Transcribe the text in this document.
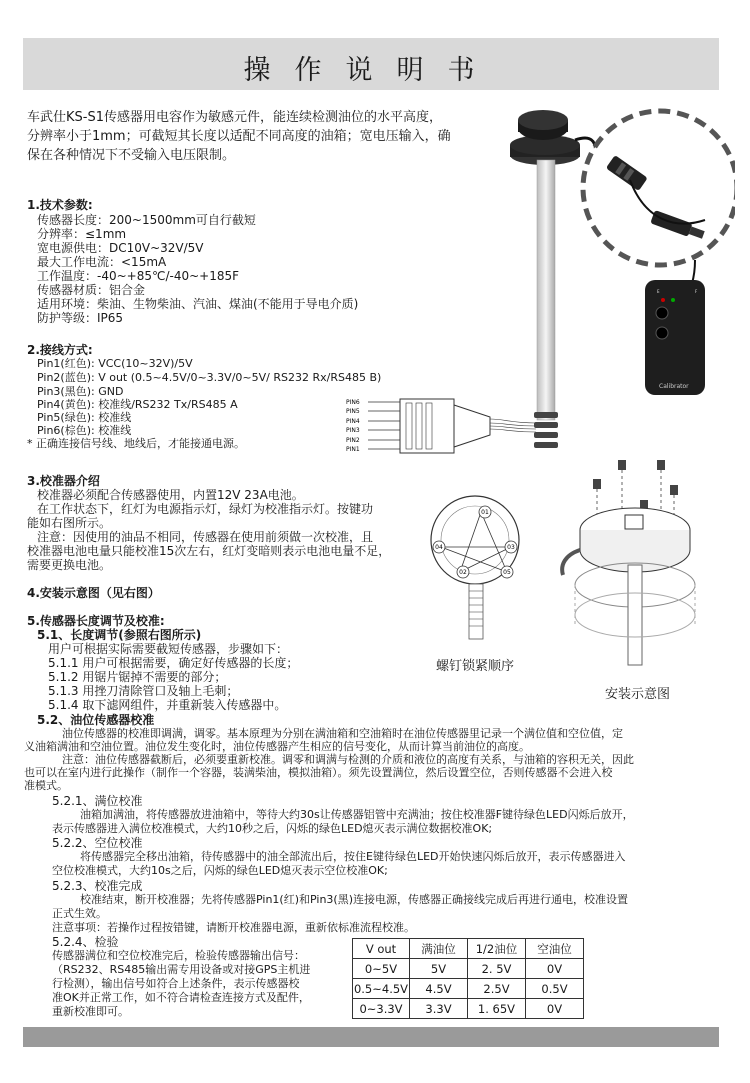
操作说明书
车武仕KS-S1传感器用电容作为敏感元件，能连续检测油位的水平高度，
分辨率小于1mm；可截短其长度以适配不同高度的油箱；宽电压输入，确
保在各种情况下不受输入电压限制。
1.技术参数:
传感器长度：200~1500mm可自行截短
分辨率：≤1mm
宽电源供电：DC10V~32V/5V
最大工作电流：<15mA
工作温度：-40~+85℃/-40~+185F
传感器材质：铝合金
适用环境：柴油、生物柴油、汽油、煤油(不能用于导电介质)
防护等级：IP65
2.接线方式:
Pin1(红色): VCC(10~32V)/5V
Pin2(蓝色): V out (0.5~4.5V/0~3.3V/0~5V/ RS232 Rx/RS485 B)
Pin3(黑色): GND
Pin4(黄色): 校准线/RS232 Tx/RS485 A
Pin5(绿色): 校准线
Pin6(棕色): 校准线
* 正确连接信号线、地线后，才能接通电源。
PIN6
PIN5
PIN4
PIN3
PIN2
PIN1
3.校准器介绍
校准器必须配合传感器使用，内置12V 23A电池。
在工作状态下，红灯为电源指示灯，绿灯为校准指示灯。按键功
能如右图所示。
注意：因使用的油品不相同，传感器在使用前须做一次校准，且
校准器电池电量只能校准15次左右，红灯变暗则表示电池电量不足，
需要更换电池。
4.安装示意图（见右图）
5.传感器长度调节及校准:
5.1、长度调节(参照右图所示)
用户可根据实际需要截短传感器，步骤如下：
5.1.1 用户可根据需要，确定好传感器的长度；
5.1.2 用锯片锯掉不需要的部分；
5.1.3 用挫刀清除管口及轴上毛刺；
5.1.4 取下滤网组件，并重新装入传感器中。
5.2、油位传感器校准
油位传感器的校准即调满，调零。基本原理为分别在满油箱和空油箱时在油位传感器里记录一个满位值和空位值，定
义油箱满油和空油位置。油位发生变化时，油位传感器产生相应的信号变化，从而计算当前油位的高度。
注意：油位传感器截断后，必须要重新校准。调零和调满与检测的介质和液位的高度有关系，与油箱的容积无关，因此
也可以在室内进行此操作（制作一个容器，装满柴油，模拟油箱）。须先设置满位，然后设置空位，否则传感器不会进入校
准模式。
5.2.1、满位校准
油箱加满油，将传感器放进油箱中，等待大约30s让传感器铝管中充满油；按住校准器F键待绿色LED闪烁后放开，
表示传感器进入满位校准模式，大约10秒之后，闪烁的绿色LED熄灭表示满位数据校准OK;
5.2.2、空位校准
将传感器完全移出油箱，待传感器中的油全部流出后，按住E键待绿色LED开始快速闪烁后放开，表示传感器进入
空位校准模式，大约10s之后，闪烁的绿色LED熄灭表示空位校准OK;
5.2.3、校准完成
校准结束，断开校准器；先将传感器Pin1(红)和Pin3(黑)连接电源，传感器正确接线完成后再进行通电，校准设置
正式生效。
注意事项：若操作过程按错键，请断开校准器电源，重新依标准流程校准。
5.2.4、检验
传感器满位和空位校准完后，检验传感器输出信号：
（RS232、RS485输出需专用设备或对接GPS主机进
行检测），输出信号如符合上述条件，表示传感器校
准OK并正常工作，如不符合请检查连接方式及配件，
重新校准即可。
V out	满油位	1/2油位	空油位
0~5V	5V	2. 5V	0V
0.5~4.5V	4.5V	2.5V	0.5V
0~3.3V	3.3V	1. 65V	0V
E	F
Calibrator
01
02
03
04
05
螺钉锁紧顺序
安装示意图
